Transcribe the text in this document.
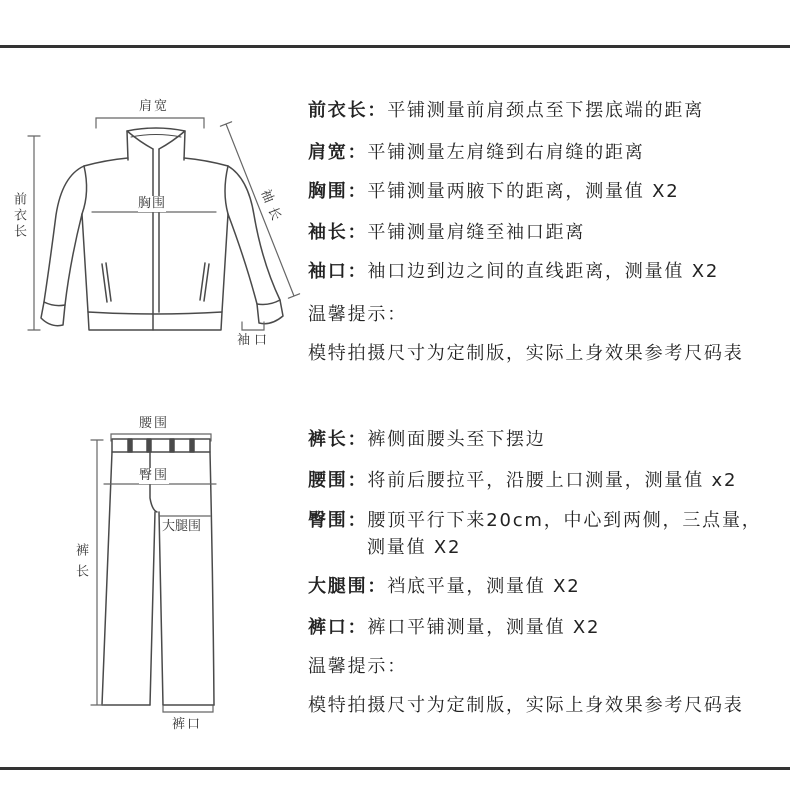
肩宽
前衣长	胸围	袖长
袖口
前衣长：平铺测量前肩颈点至下摆底端的距离
肩宽：平铺测量左肩缝到右肩缝的距离
胸围：平铺测量两腋下的距离，测量值 X2
袖长：平铺测量肩缝至袖口距离
袖口：袖口边到边之间的直线距离，测量值 X2
温馨提示：
模特拍摄尺寸为定制版，实际上身效果参考尺码表
腰围
臀围
大腿围
裤长
裤口
裤长：裤侧面腰头至下摆边
腰围：将前后腰拉平，沿腰上口测量，测量值 x2
臀围：腰顶平行下来20cm，中心到两侧，三点量，
测量值 X2
大腿围：裆底平量，测量值 X2
裤口：裤口平铺测量，测量值 X2
温馨提示：
模特拍摄尺寸为定制版，实际上身效果参考尺码表
